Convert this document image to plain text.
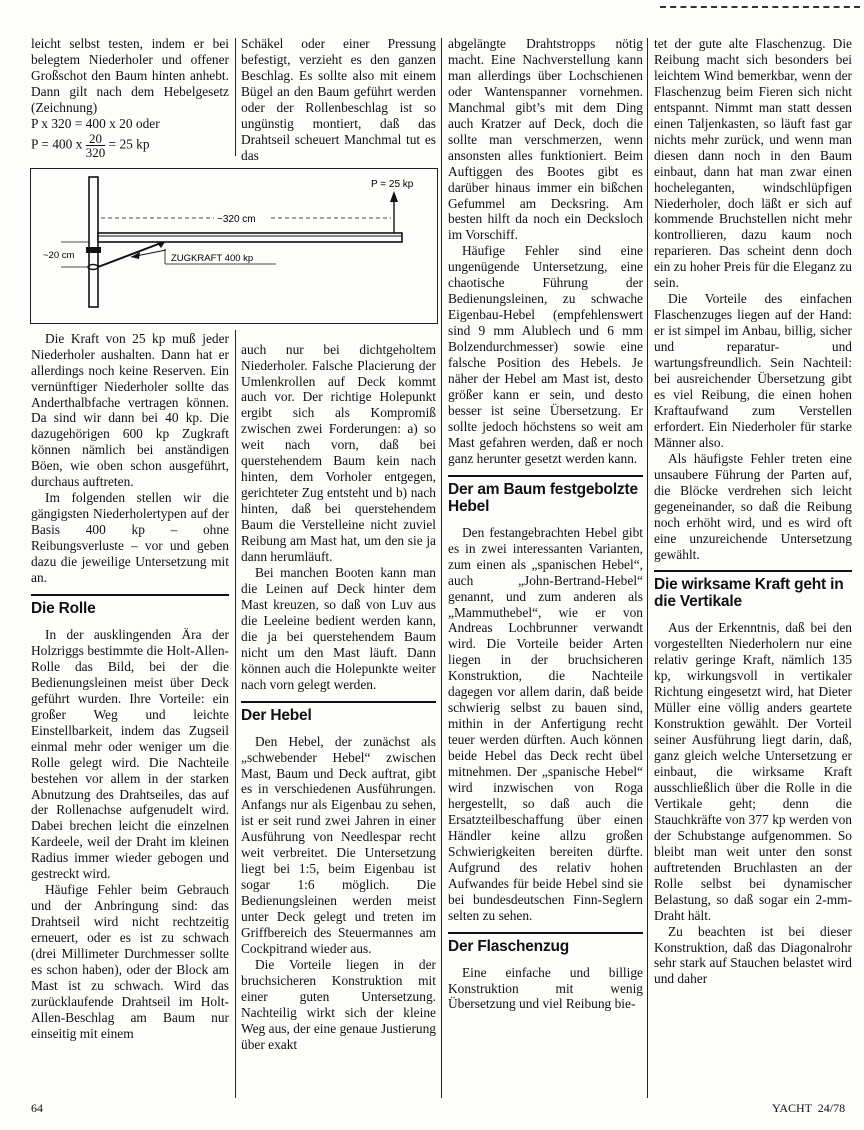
leicht selbst testen, indem er bei belegtem Niederholer und offener Großschot den Baum hinten anhebt. Dann gilt nach dem Hebelgesetz (Zeichnung)

P x 320 = 400 x 20 oder

P = 400 x $\frac{20}{320} = 25$ kp

Die Kraft von 25 kp muß jeder Niederholer aushalten. Dann hat er allerdings noch keine Reserven. Ein vernünftiger Niederholer sollte das Anderthalbfache vertragen können. Da sind wir dann bei 40 kp. Die dazugehörigen 600 kp Zugkraft können nämlich bei anständigen Böen, wie oben schon ausgeführt, durchaus auftreten.

Im folgenden stellen wir die gängigsten Niederholertypen auf der Basis 400 kp – ohne Reibungsverluste – vor und geben dazu die jeweilige Untersetzung mit an.

Die Rolle

In der ausklingenden Ära der Holzriggs bestimmte die Holt-Allen-Rolle das Bild, bei der die Bedienungsleinen meist über Deck geführt wurden. Ihre Vorteile: ein großer Weg und leichte Einstellbarkeit, indem das Zugseil einmal mehr oder weniger um die Rolle gelegt wird. Die Nachteile bestehen vor allem in der starken Abnutzung des Drahtseiles, das auf der Rollenachse aufgenudelt wird. Dabei brechen leicht die einzelnen Kardeele, weil der Draht im kleinen Radius immer wieder gebogen und gestreckt wird.

Häufige Fehler beim Gebrauch und der Anbringung sind: das Drahtseil wird nicht rechtzeitig erneuert, oder es ist zu schwach (drei Millimeter Durchmesser sollte es schon haben), oder der Block am Mast ist zu schwach. Wird das zurücklaufende Drahtseil im Holt-Allen-Beschlag am Baum nur einseitig mit einem

Schäkel oder einer Pressung befestigt, verzieht es den ganzen Beschlag. Es sollte also mit einem Bügel an den Baum geführt werden oder der Rollenbeschlag ist so ungünstig montiert, daß das Drahtseil scheuert Manchmal tut es das

auch nur bei dichtgeholtem Niederholer. Falsche Placierung der Umlenkrollen auf Deck kommt auch vor. Der richtige Holepunkt ergibt sich als Kompromiß zwischen zwei Forderungen: a) so weit nach vorn, daß bei querstehendem Baum kein nach hinten, dem Vorholer entgegen, gerichteter Zug entsteht und b) nach hinten, daß bei querstehendem Baum die Verstelleine nicht zuviel Reibung am Mast hat, um den sie ja dann herumläuft.

Bei manchen Booten kann man die Leinen auf Deck hinter dem Mast kreuzen, so daß von Luv aus die Leeleine bedient werden kann, die ja bei querstehendem Baum nicht um den Mast läuft. Dann können auch die Holepunkte weiter nach vorn gelegt werden.

Der Hebel

Den Hebel, der zunächst als „schwebender Hebel“ zwischen Mast, Baum und Deck auftrat, gibt es in verschiedenen Ausführungen. Anfangs nur als Eigenbau zu sehen, ist er seit rund zwei Jahren in einer Ausführung von Needlespar recht weit verbreitet. Die Untersetzung liegt bei 1:5, beim Eigenbau ist sogar 1:6 möglich. Die Bedienungsleinen werden meist unter Deck gelegt und treten im Griffbereich des Steuermannes am Cockpitrand wieder aus.

Die Vorteile liegen in der bruchsicheren Konstruktion mit einer guten Untersetzung. Nachteilig wirkt sich der kleine Weg aus, der eine genaue Justierung über exakt

abgelängte Drahtstropps nötig macht. Eine Nachverstellung kann man allerdings über Lochschienen oder Wantenspanner vornehmen. Manchmal gibt’s mit dem Ding auch Kratzer auf Deck, doch die sollte man verschmerzen, wenn ansonsten alles funktioniert. Beim Auftiggen des Bootes gibt es darüber hinaus immer ein bißchen Gefummel am Decksring. Am besten hilft da noch ein Decksloch im Vorschiff.

Häufige Fehler sind eine ungenügende Untersetzung, eine chaotische Führung der Bedienungsleinen, zu schwache Eigenbau-Hebel (empfehlenswert sind 9 mm Alublech und 6 mm Bolzendurchmesser) sowie eine falsche Position des Hebels. Je näher der Hebel am Mast ist, desto größer kann er sein, und desto besser ist seine Übersetzung. Er sollte jedoch höchstens so weit am Mast gefahren werden, daß er noch ganz herunter gesetzt werden kann.

Der am Baum festgebolzte Hebel

Den festangebrachten Hebel gibt es in zwei interessanten Varianten, zum einen als „spanischen Hebel“, auch „John-Bertrand-Hebel“ genannt, und zum anderen als „Mammuthebel“, wie er von Andreas Lochbrunner verwandt wird. Die Vorteile beider Arten liegen in der bruchsicheren Konstruktion, die Nachteile dagegen vor allem darin, daß beide schwierig selbst zu bauen sind, mithin in der Anfertigung recht teuer werden dürften. Auch können beide Hebel das Deck recht übel mitnehmen. Der „spanische Hebel“ wird inzwischen von Roga hergestellt, so daß auch die Ersatzteilbeschaffung über einen Händler keine allzu großen Schwierigkeiten bereiten dürfte. Aufgrund des relativ hohen Aufwandes für beide Hebel sind sie bei bundesdeutschen Finn-Seglern selten zu sehen.

Der Flaschenzug

Eine einfache und billige Konstruktion mit wenig Übersetzung und viel Reibung bie-

tet der gute alte Flaschenzug. Die Reibung macht sich besonders bei leichtem Wind bemerkbar, wenn der Flaschenzug beim Fieren sich nicht entspannt. Nimmt man statt dessen einen Taljenkasten, so läuft fast gar nichts mehr zurück, und wenn man diesen dann noch in den Baum einbaut, dann hat man zwar einen hocheleganten, windschlüpfigen Niederholer, doch läßt er sich auf kommende Bruchstellen nicht mehr kontrollieren, dazu kaum noch reparieren. Das scheint denn doch ein zu hoher Preis für die Eleganz zu sein.

Die Vorteile des einfachen Flaschenzuges liegen auf der Hand: er ist simpel im Anbau, billig, sicher und reparatur- und wartungsfreundlich. Sein Nachteil: bei ausreichender Übersetzung gibt es viel Reibung, die einen hohen Kraftaufwand zum Verstellen erfordert. Ein Niederholer für starke Männer also.

Als häufigste Fehler treten eine unsaubere Führung der Parten auf, die Blöcke verdrehen sich leicht gegeneinander, so daß die Reibung noch erhöht wird, und es wird oft eine unzureichende Untersetzung gewählt.

Die wirksame Kraft geht in die Vertikale

Aus der Erkenntnis, daß bei den vorgestellten Niederholern nur eine relativ geringe Kraft, nämlich 135 kp, wirkungsvoll in vertikaler Richtung eingesetzt wird, hat Dieter Müller eine völlig anders geartete Konstruktion gewählt. Der Vorteil seiner Ausführung liegt darin, daß, ganz gleich welche Untersetzung er einbaut, die wirksame Kraft ausschließlich über die Rolle in die Vertikale geht; denn die Stauchkräfte von 377 kp werden von der Schubstange aufgenommen. So bleibt man weit unter den sonst auftretenden Bruchlasten an der Rolle selbst bei dynamischer Belastung, so daß sogar ein 2-mm-Draht hält.

Zu beachten ist bei dieser Konstruktion, daß das Diagonalrohr sehr stark auf Stauchen belastet wird und daher

P = 25 kp
~320 cm
~20 cm	ZUGKRAFT 400 kp
64	YACHT  24/78
